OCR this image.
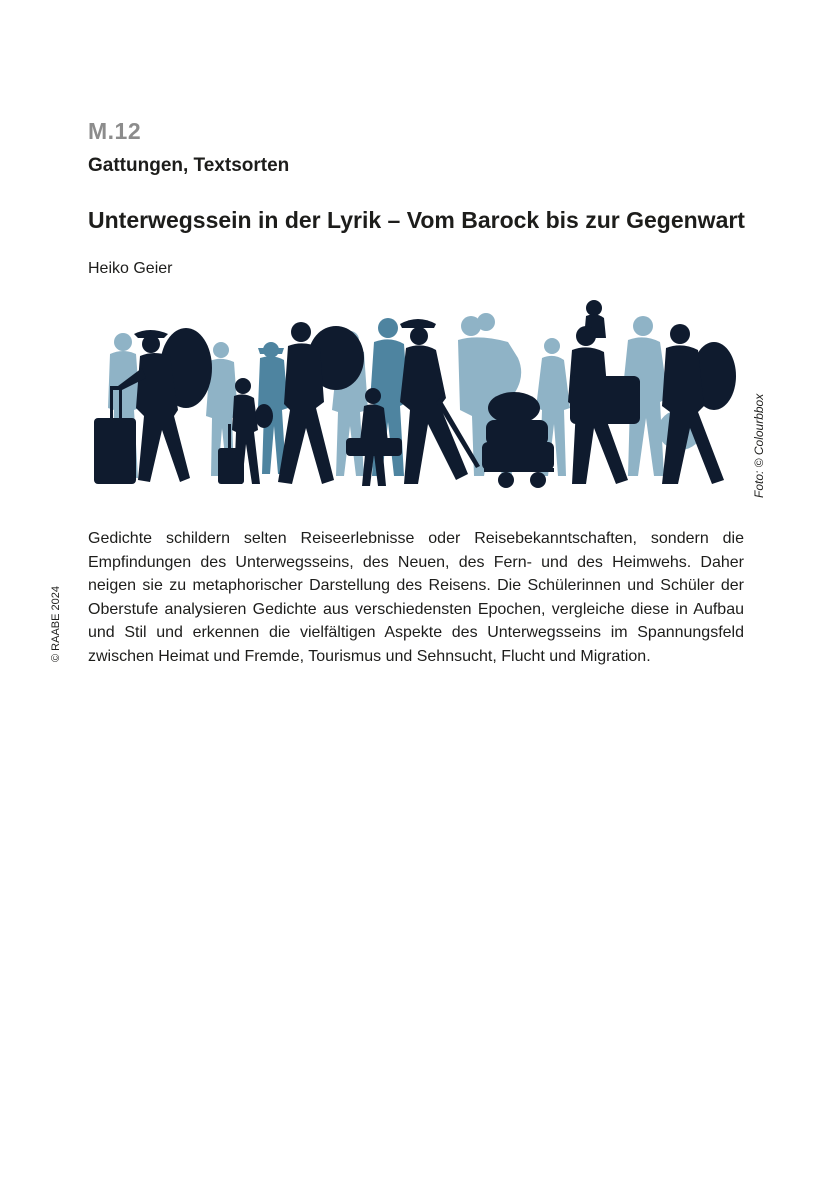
M.12
Gattungen, Textsorten
Unterwegssein in der Lyrik – Vom Barock bis zur Gegenwart
Heiko Geier
Foto: © Colourbbox

Gedichte schildern selten Reiseerlebnisse oder Reisebekanntschaften, sondern die Empfindungen des Unterwegsseins, des Neuen, des Fern- und des Heimwehs. Daher neigen sie zu metaphorischer Darstellung des Reisens. Die Schülerinnen und Schüler der Oberstufe analysieren Gedichte aus verschiedensten Epochen, vergleiche diese in Aufbau und Stil und erkennen die vielfältigen Aspekte des Unterwegsseins im Spannungsfeld zwischen Heimat und Fremde, Tourismus und Sehnsucht, Flucht und Migration.

© RAABE 2024
